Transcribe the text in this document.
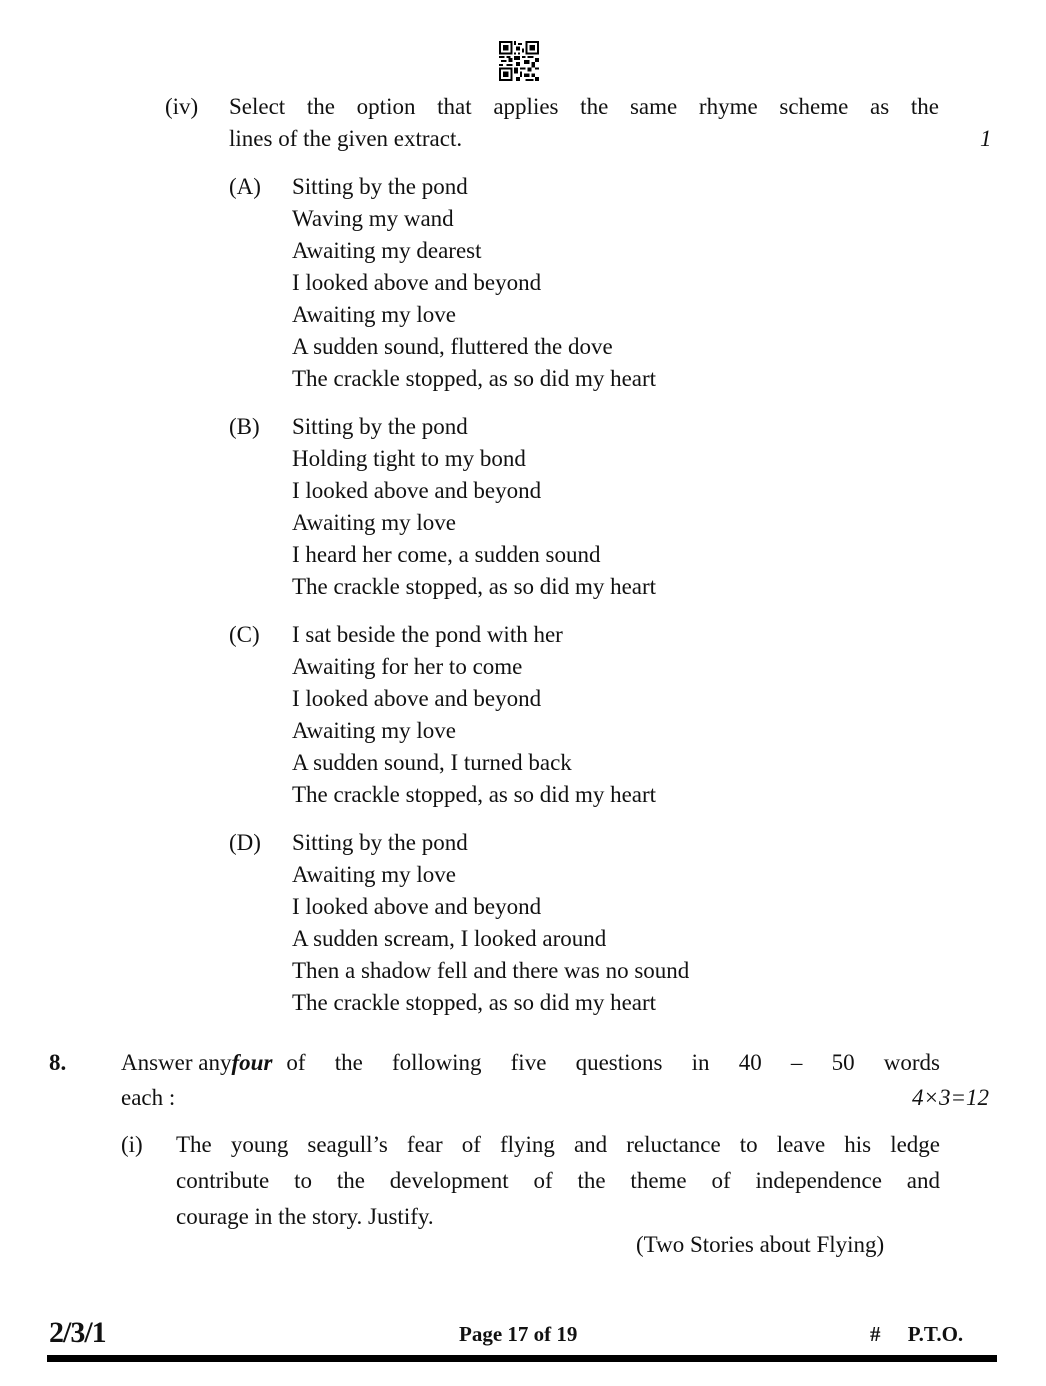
(iv) Select the option that applies the same rhyme scheme as the
lines of the given extract.	1
(A) Sitting by the pond
Waving my wand
Awaiting my dearest
I looked above and beyond
Awaiting my love
A sudden sound, fluttered the dove
The crackle stopped, as so did my heart
(B) Sitting by the pond
Holding tight to my bond
I looked above and beyond
Awaiting my love
I heard her come, a sudden sound
The crackle stopped, as so did my heart
(C) I sat beside the pond with her
Awaiting for her to come
I looked above and beyond
Awaiting my love
A sudden sound, I turned back
The crackle stopped, as so did my heart
(D) Sitting by the pond
Awaiting my love
I looked above and beyond
A sudden scream, I looked around
Then a shadow fell and there was no sound
The crackle stopped, as so did my heart
8. Answer any four of the following five questions in 40 – 50 words
each :	4×3=12
(i) The young seagull’s fear of flying and reluctance to leave his ledge
contribute to the development of the theme of independence and
courage in the story. Justify.
(Two Stories about Flying)
2/3/1	Page 17 of 19	# P.T.O.
